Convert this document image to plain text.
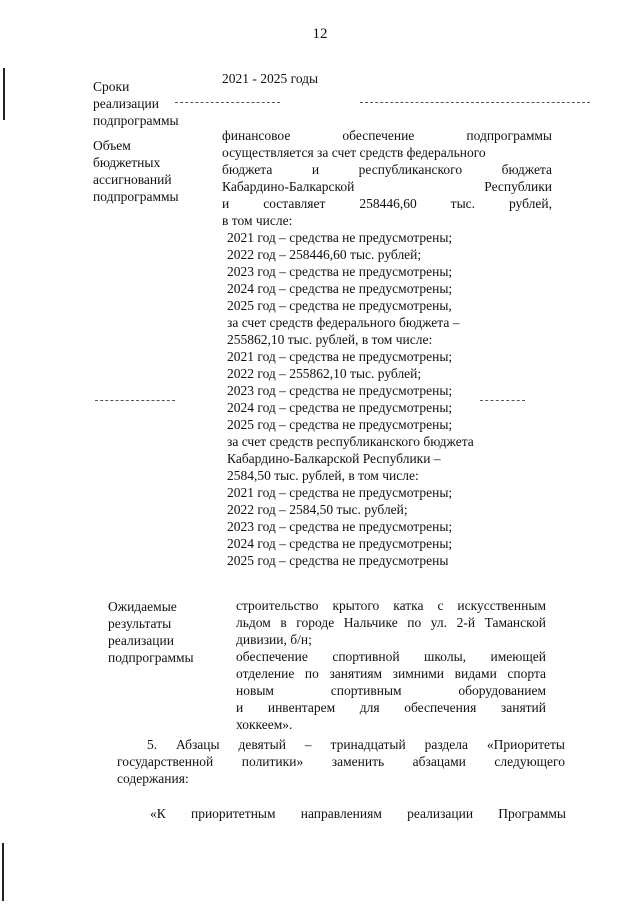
12
Сроки
реализации
подпрограммы
2021 - 2025 годы
Объем
бюджетных
ассигнований
подпрограммы
финансовое обеспечение подпрограммы
осуществляется за счет средств федерального
бюджета и республиканского бюджета
Кабардино-Балкарской Республики
и составляет 258446,60 тыс. рублей,
в том числе:
2021 год – средства не предусмотрены;
2022 год – 258446,60 тыс. рублей;
2023 год – средства не предусмотрены;
2024 год – средства не предусмотрены;
2025 год – средства не предусмотрены,
за счет средств федерального бюджета –
255862,10 тыс. рублей, в том числе:
2021 год – средства не предусмотрены;
2022 год – 255862,10 тыс. рублей;
2023 год – средства не предусмотрены;
2024 год – средства не предусмотрены;
2025 год – средства не предусмотрены;
за счет средств республиканского бюджета
Кабардино-Балкарской Республики –
2584,50 тыс. рублей, в том числе:
2021 год – средства не предусмотрены;
2022 год – 2584,50 тыс. рублей;
2023 год – средства не предусмотрены;
2024 год – средства не предусмотрены;
2025 год – средства не предусмотрены
Ожидаемые
результаты
реализации
подпрограммы
строительство крытого катка с искусственным
льдом в городе Нальчике по ул. 2-й Таманской
дивизии, б/н;
обеспечение спортивной школы, имеющей
отделение по занятиям зимними видами спорта
новым спортивным оборудованием
и инвентарем для обеспечения занятий
хоккеем».
5. Абзацы девятый – тринадцатый раздела «Приоритеты
государственной политики» заменить абзацами следующего
содержания:
«К приоритетным направлениям реализации Программы
